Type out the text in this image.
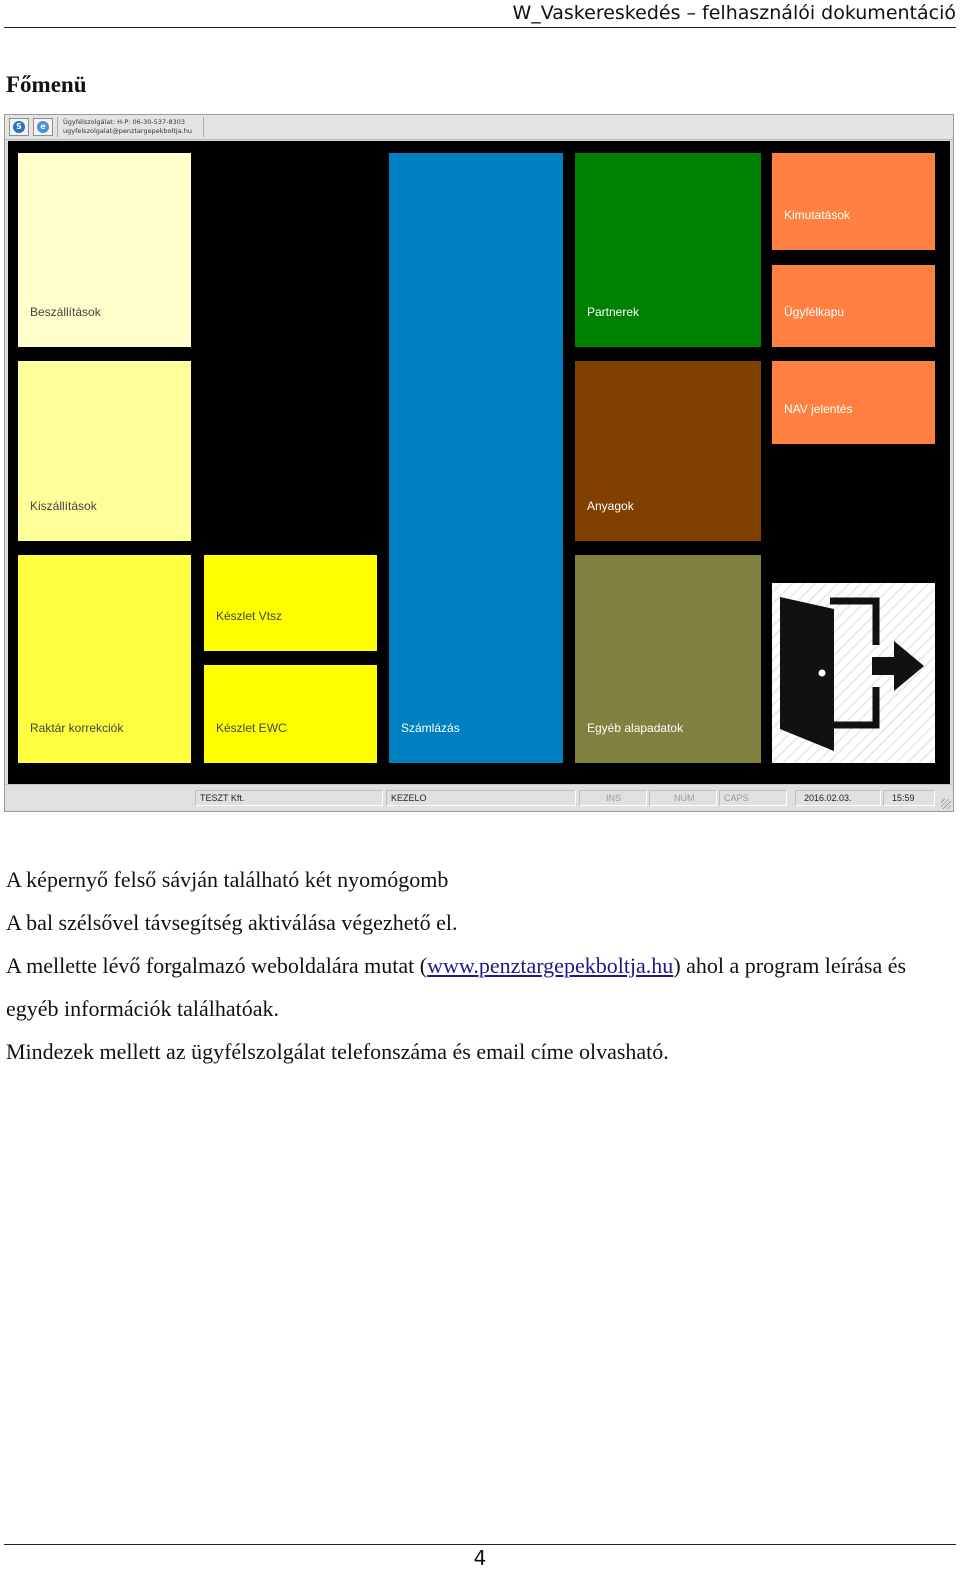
W_Vaskereskedés – felhasználói dokumentáció
Főmenü
S	e	Ügyfélszolgálat: H-P: 06-30-537-8303
ugyfelszolgalat@penztargepekboltja.hu
Beszállítások
Kiszállítások
Raktár korrekciók
Készlet Vtsz
Készlet EWC	Számlázás
Partnerek
Anyagok
Egyéb alapadatok
Kimutatások
Ügyfélkapu
NAV jelentés
TESZT Kft.	KEZELO	INS	NUM	CAPS	2016.02.03.	15:59

A képernyő felső sávján található két nyomógomb

A bal szélsővel távsegítség aktiválása végezhető el.

A mellette lévő forgalmazó weboldalára mutat (www.penztargepekboltja.hu) ahol a program leírása és egyéb információk találhatóak.

Mindezek mellett az ügyfélszolgálat telefonszáma és email címe olvasható.

4
